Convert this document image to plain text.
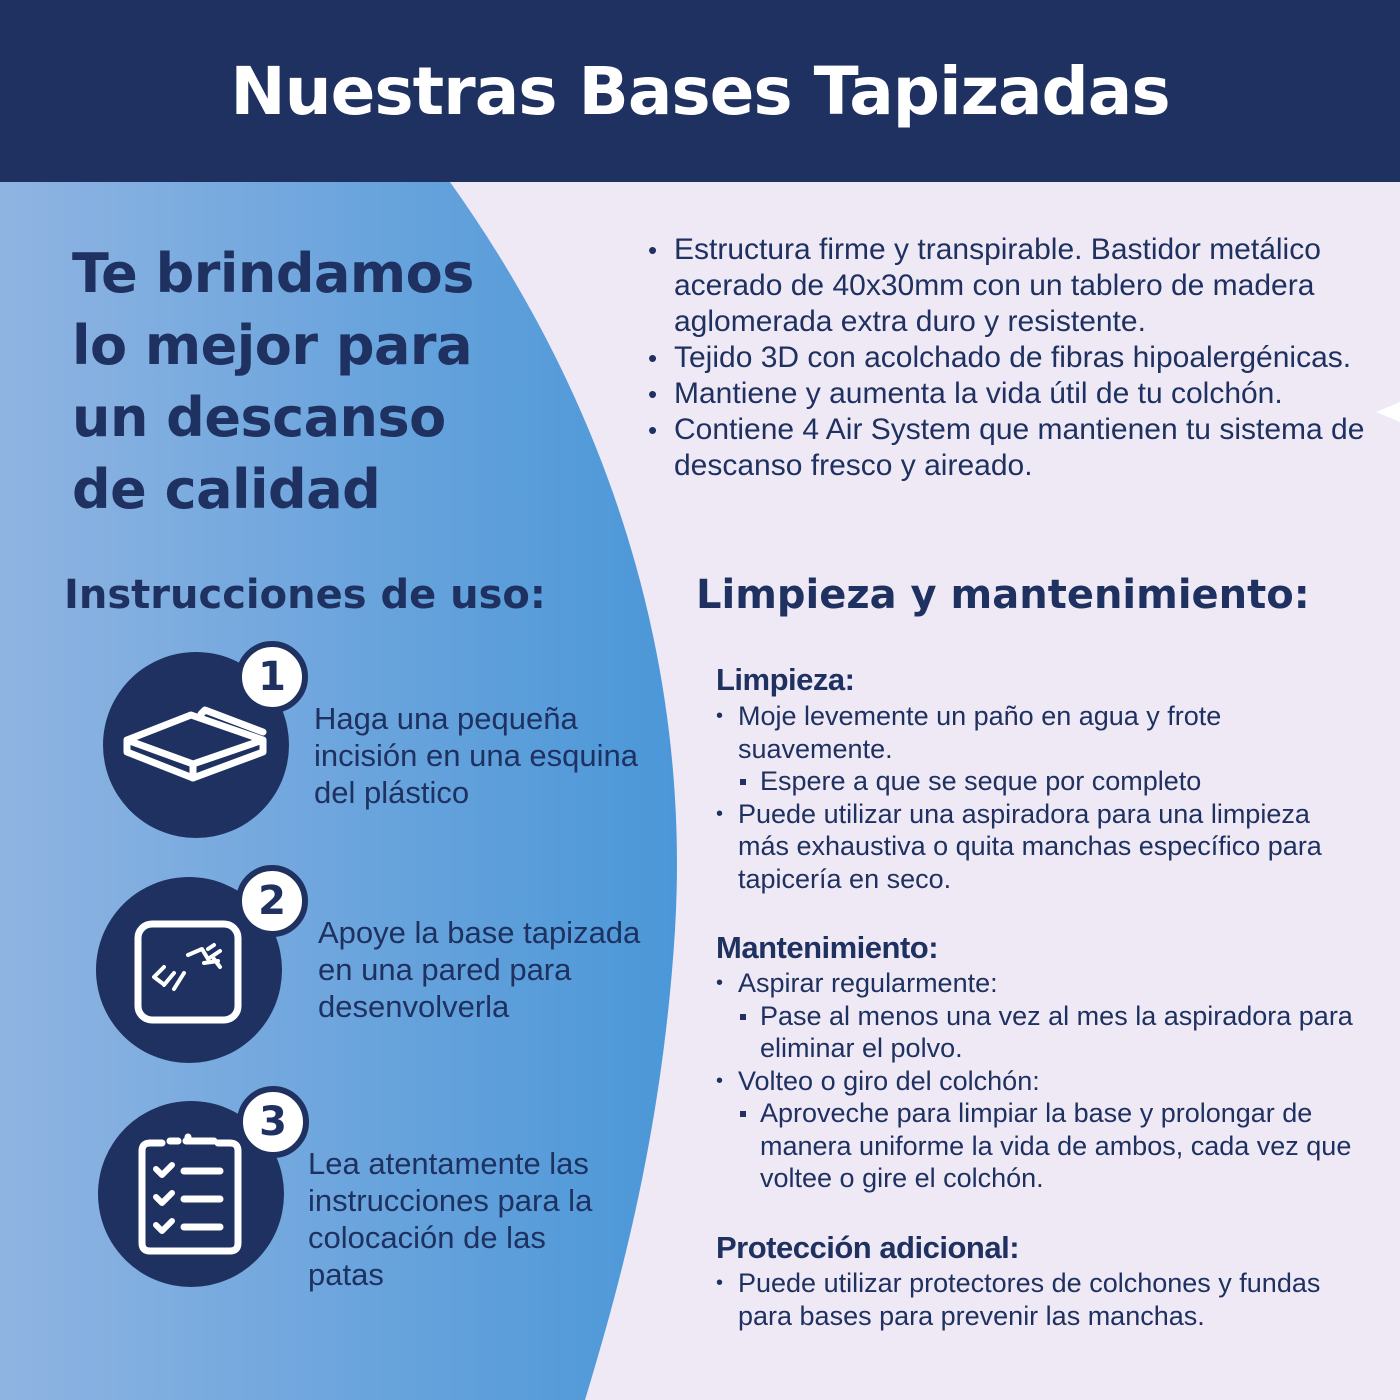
Nuestras Bases Tapizadas
Te brindamos lo mejor para un descanso de calidad
Instrucciones de uso:
1
Haga una pequeña incisión en una esquina del plástico
2
Apoye la base tapizada en una pared para desenvolverla
3
Lea atentamente las instrucciones para la colocación de las patas
• Estructura firme y transpirable. Bastidor metálico acerado de 40x30mm con un tablero de madera aglomerada extra duro y resistente.
• Tejido 3D con acolchado de fibras hipoalergénicas.
• Mantiene y aumenta la vida útil de tu colchón.
• Contiene 4 Air System que mantienen tu sistema de descanso fresco y aireado.
Limpieza y mantenimiento:
Limpieza:
• Moje levemente un paño en agua y frote suavemente.
Espere a que se seque por completo
• Puede utilizar una aspiradora para una limpieza más exhaustiva o quita manchas específico para tapicería en seco.
Mantenimiento:
• Aspirar regularmente:
Pase al menos una vez al mes la aspiradora para eliminar el polvo.
• Volteo o giro del colchón:
Aproveche para limpiar la base y prolongar de manera uniforme la vida de ambos, cada vez que voltee o gire el colchón.
Protección adicional:
• Puede utilizar protectores de colchones y fundas para bases para prevenir las manchas.
